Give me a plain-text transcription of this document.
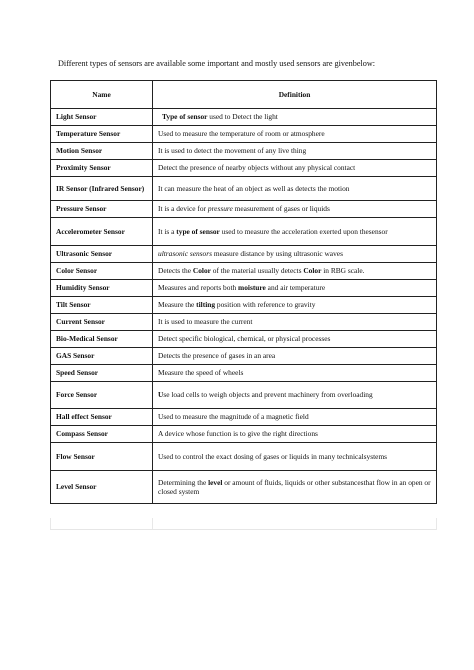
Different types of sensors are available some important and mostly used sensors are givenbelow:
Name	Definition
Light Sensor	Type of sensor used to Detect the light
Temperature Sensor	Used to measure the temperature of room or atmosphere
Motion Sensor	It is used to detect the movement of any live thing
Proximity Sensor	Detect the presence of nearby objects without any physical contact
IR Sensor (Infrared Sensor)	It can measure the heat of an object as well as detects the motion
Pressure Sensor	It is a device for pressure measurement of gases or liquids
Accelerometer Sensor	It is a type of sensor used to measure the acceleration exerted upon thesensor
Ultrasonic Sensor	ultrasonic sensors measure distance by using ultrasonic waves
Color Sensor	Detects the Color of the material usually detects Color in RBG scale.
Humidity Sensor	Measures and reports both moisture and air temperature
Tilt Sensor	Measure the tilting position with reference to gravity
Current Sensor	It is used to measure the current
Bio-Medical Sensor	Detect specific biological, chemical, or physical processes
GAS Sensor	Detects the presence of gases in an area
Speed Sensor	Measure the speed of wheels
Force Sensor	Use load cells to weigh objects and prevent machinery from overloading
Hall effect Sensor	Used to measure the magnitude of a magnetic field
Compass Sensor	A device whose function is to give the right directions
Flow Sensor	Used to control the exact dosing of gases or liquids in many technicalsystems
Level Sensor	Determining the level or amount of fluids, liquids or other substancesthat flow in an open or closed system
